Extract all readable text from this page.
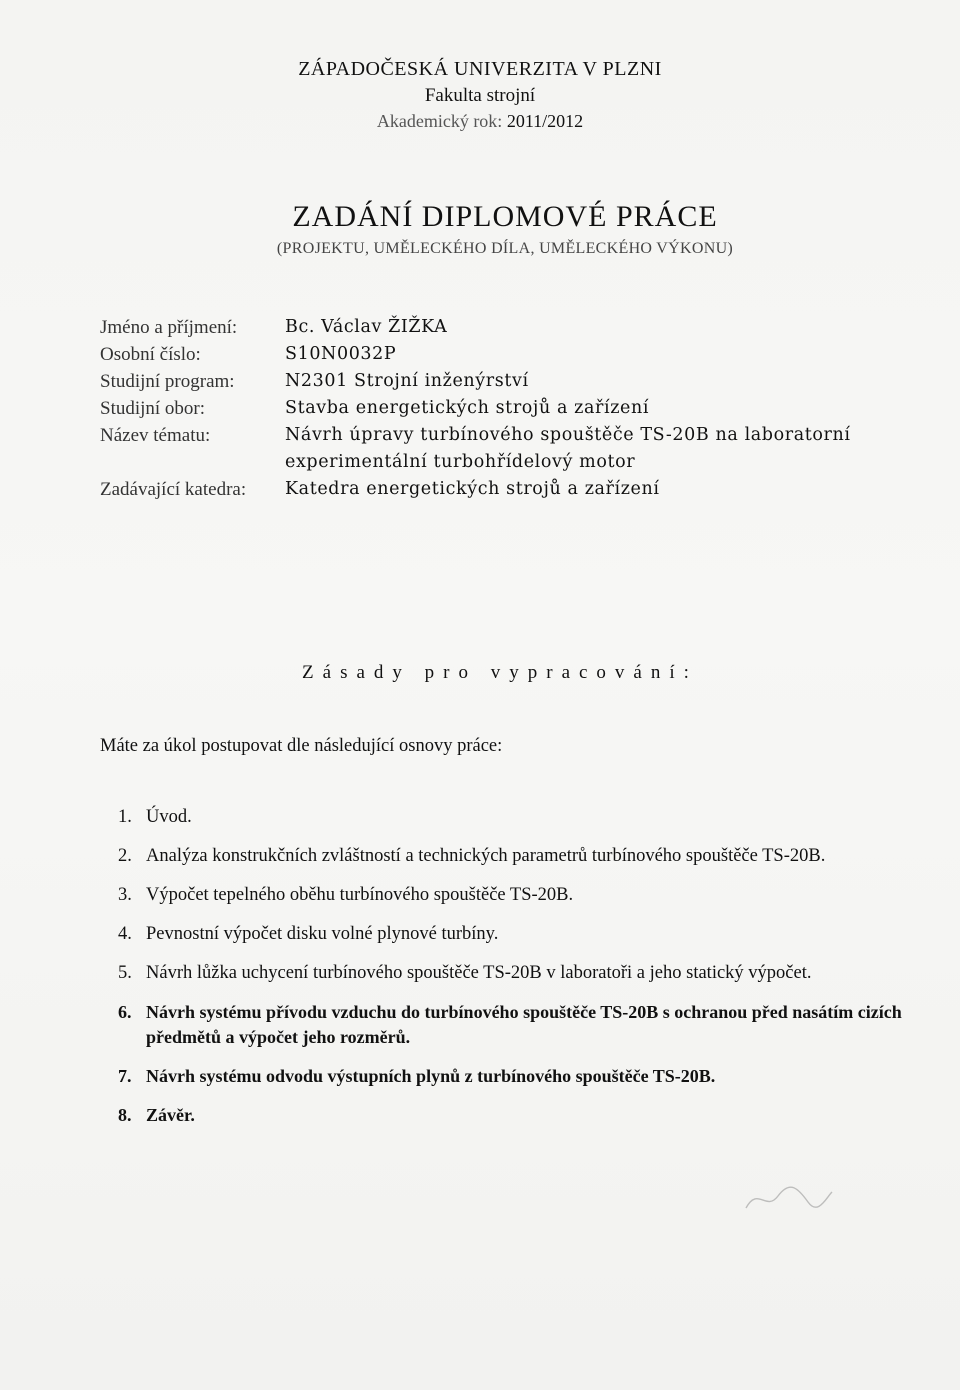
ZÁPADOČESKÁ UNIVERZITA V PLZNI
Fakulta strojní
Akademický rok: 2011/2012
ZADÁNÍ DIPLOMOVÉ PRÁCE
(PROJEKTU, UMĚLECKÉHO DÍLA, UMĚLECKÉHO VÝKONU)
Jméno a příjmení:	Bc. Václav ŽIŽKA
Osobní číslo:	S10N0032P
Studijní program:	N2301 Strojní inženýrství
Studijní obor:	Stavba energetických strojů a zařízení
Název tématu:	Návrh úpravy turbínového spouštěče TS-20B na laboratorní experimentální turbohřídelový motor
Zadávající katedra:	Katedra energetických strojů a zařízení
Zásady pro vypracování:
Máte za úkol postupovat dle následující osnovy práce:
1. Úvod.
2. Analýza konstrukčních zvláštností a technických parametrů turbínového spouštěče TS-20B.
3. Výpočet tepelného oběhu turbínového spouštěče TS-20B.
4. Pevnostní výpočet disku volné plynové turbíny.
5. Návrh lůžka uchycení turbínového spouštěče TS-20B v laboratoři a jeho statický výpočet.
6. Návrh systému přívodu vzduchu do turbínového spouštěče TS-20B s ochranou před nasátím cizích předmětů a výpočet jeho rozměrů.
7. Návrh systému odvodu výstupních plynů z turbínového spouštěče TS-20B.
8. Závěr.
